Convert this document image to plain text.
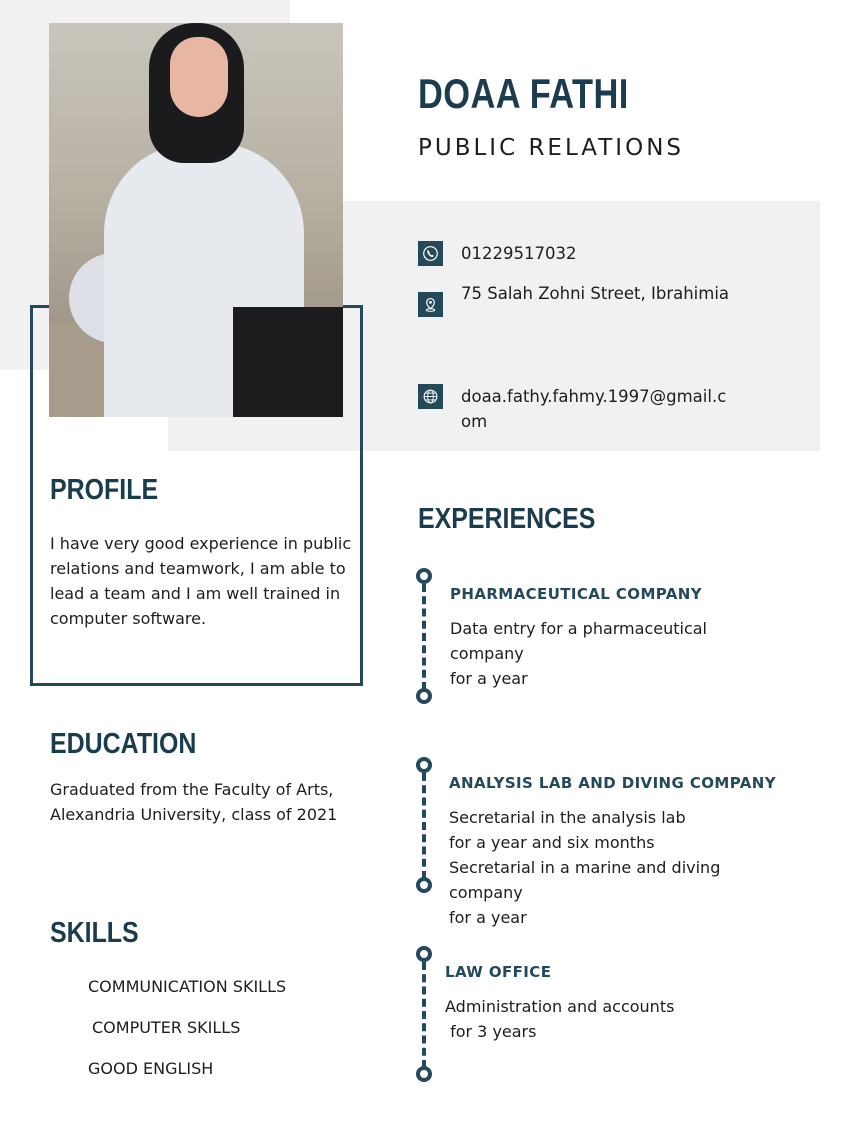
DOAA FATHI
PUBLIC RELATIONS
01229517032
75 Salah Zohni Street, Ibrahimia
doaa.fathy.fahmy.1997@gmail.c
om
PROFILE
I have very good experience in public
relations and teamwork, I am able to
lead a team and I am well trained in
computer software.
EDUCATION
Graduated from the Faculty of Arts,
Alexandria University, class of 2021
SKILLS
COMMUNICATION SKILLS
COMPUTER SKILLS
GOOD ENGLISH
EXPERIENCES
PHARMACEUTICAL COMPANY
Data entry for a pharmaceutical
company
for a year
ANALYSIS LAB AND DIVING COMPANY
Secretarial in the analysis lab
for a year and six months
Secretarial in a marine and diving
company
for a year
LAW OFFICE
Administration and accounts
for 3 years
